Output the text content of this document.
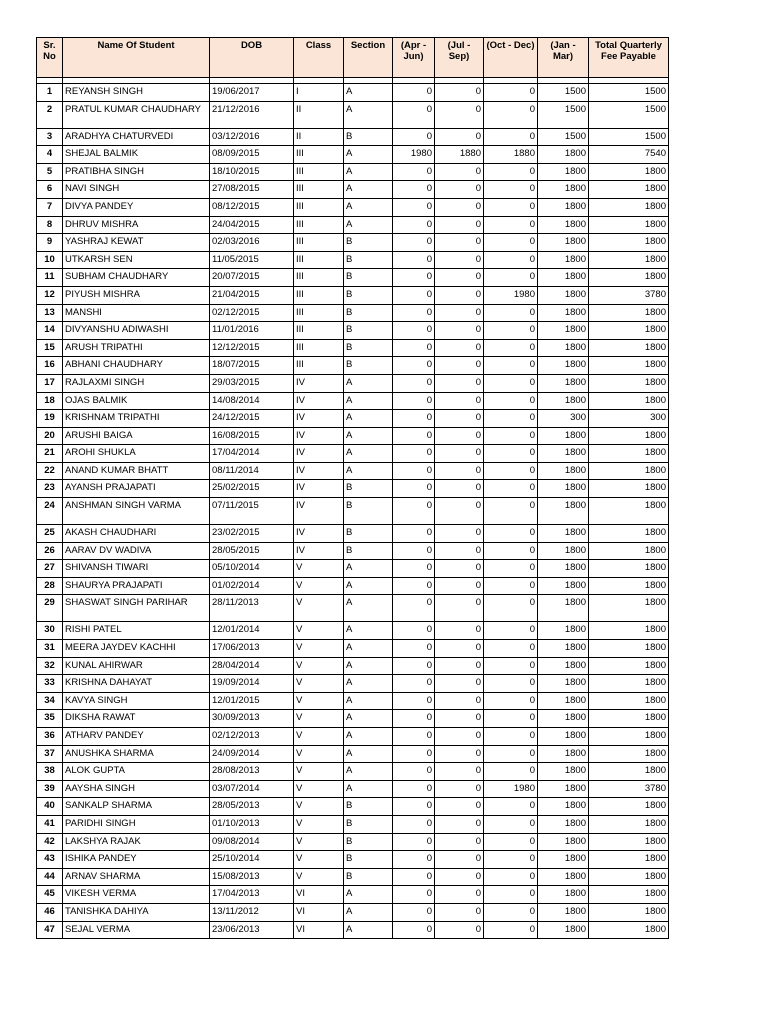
Sr. No	Name Of Student	DOB	Class	Section	(Apr - Jun)	(Jul - Sep)	(Oct - Dec)	(Jan - Mar)	Total Quarterly Fee Payable

1	REYANSH SINGH	19/06/2017	I	A	0	0	0	1500	1500
2	PRATUL KUMAR CHAUDHARY	21/12/2016	II	A	0	0	0	1500	1500
3	ARADHYA CHATURVEDI	03/12/2016	II	B	0	0	0	1500	1500
4	SHEJAL BALMIK	08/09/2015	III	A	1980	1880	1880	1800	7540
5	PRATIBHA SINGH	18/10/2015	III	A	0	0	0	1800	1800
6	NAVI SINGH	27/08/2015	III	A	0	0	0	1800	1800
7	DIVYA PANDEY	08/12/2015	III	A	0	0	0	1800	1800
8	DHRUV MISHRA	24/04/2015	III	A	0	0	0	1800	1800
9	YASHRAJ KEWAT	02/03/2016	III	B	0	0	0	1800	1800
10	UTKARSH SEN	11/05/2015	III	B	0	0	0	1800	1800
11	SUBHAM CHAUDHARY	20/07/2015	III	B	0	0	0	1800	1800
12	PIYUSH MISHRA	21/04/2015	III	B	0	0	1980	1800	3780
13	MANSHI	02/12/2015	III	B	0	0	0	1800	1800
14	DIVYANSHU ADIWASHI	11/01/2016	III	B	0	0	0	1800	1800
15	ARUSH TRIPATHI	12/12/2015	III	B	0	0	0	1800	1800
16	ABHANI CHAUDHARY	18/07/2015	III	B	0	0	0	1800	1800
17	RAJLAXMI SINGH	29/03/2015	IV	A	0	0	0	1800	1800
18	OJAS BALMIK	14/08/2014	IV	A	0	0	0	1800	1800
19	KRISHNAM TRIPATHI	24/12/2015	IV	A	0	0	0	300	300
20	ARUSHI BAIGA	16/08/2015	IV	A	0	0	0	1800	1800
21	AROHI SHUKLA	17/04/2014	IV	A	0	0	0	1800	1800
22	ANAND KUMAR BHATT	08/11/2014	IV	A	0	0	0	1800	1800
23	AYANSH PRAJAPATI	25/02/2015	IV	B	0	0	0	1800	1800
24	ANSHMAN SINGH VARMA	07/11/2015	IV	B	0	0	0	1800	1800
25	AKASH CHAUDHARI	23/02/2015	IV	B	0	0	0	1800	1800
26	AARAV DV WADIVA	28/05/2015	IV	B	0	0	0	1800	1800
27	SHIVANSH TIWARI	05/10/2014	V	A	0	0	0	1800	1800
28	SHAURYA PRAJAPATI	01/02/2014	V	A	0	0	0	1800	1800
29	SHASWAT SINGH PARIHAR	28/11/2013	V	A	0	0	0	1800	1800
30	RISHI PATEL	12/01/2014	V	A	0	0	0	1800	1800
31	MEERA JAYDEV KACHHI	17/06/2013	V	A	0	0	0	1800	1800
32	KUNAL AHIRWAR	28/04/2014	V	A	0	0	0	1800	1800
33	KRISHNA DAHAYAT	19/09/2014	V	A	0	0	0	1800	1800
34	KAVYA SINGH	12/01/2015	V	A	0	0	0	1800	1800
35	DIKSHA RAWAT	30/09/2013	V	A	0	0	0	1800	1800
36	ATHARV PANDEY	02/12/2013	V	A	0	0	0	1800	1800
37	ANUSHKA SHARMA	24/09/2014	V	A	0	0	0	1800	1800
38	ALOK GUPTA	28/08/2013	V	A	0	0	0	1800	1800
39	AAYSHA SINGH	03/07/2014	V	A	0	0	1980	1800	3780
40	SANKALP SHARMA	28/05/2013	V	B	0	0	0	1800	1800
41	PARIDHI SINGH	01/10/2013	V	B	0	0	0	1800	1800
42	LAKSHYA RAJAK	09/08/2014	V	B	0	0	0	1800	1800
43	ISHIKA PANDEY	25/10/2014	V	B	0	0	0	1800	1800
44	ARNAV SHARMA	15/08/2013	V	B	0	0	0	1800	1800
45	VIKESH VERMA	17/04/2013	VI	A	0	0	0	1800	1800
46	TANISHKA DAHIYA	13/11/2012	VI	A	0	0	0	1800	1800
47	SEJAL VERMA	23/06/2013	VI	A	0	0	0	1800	1800
